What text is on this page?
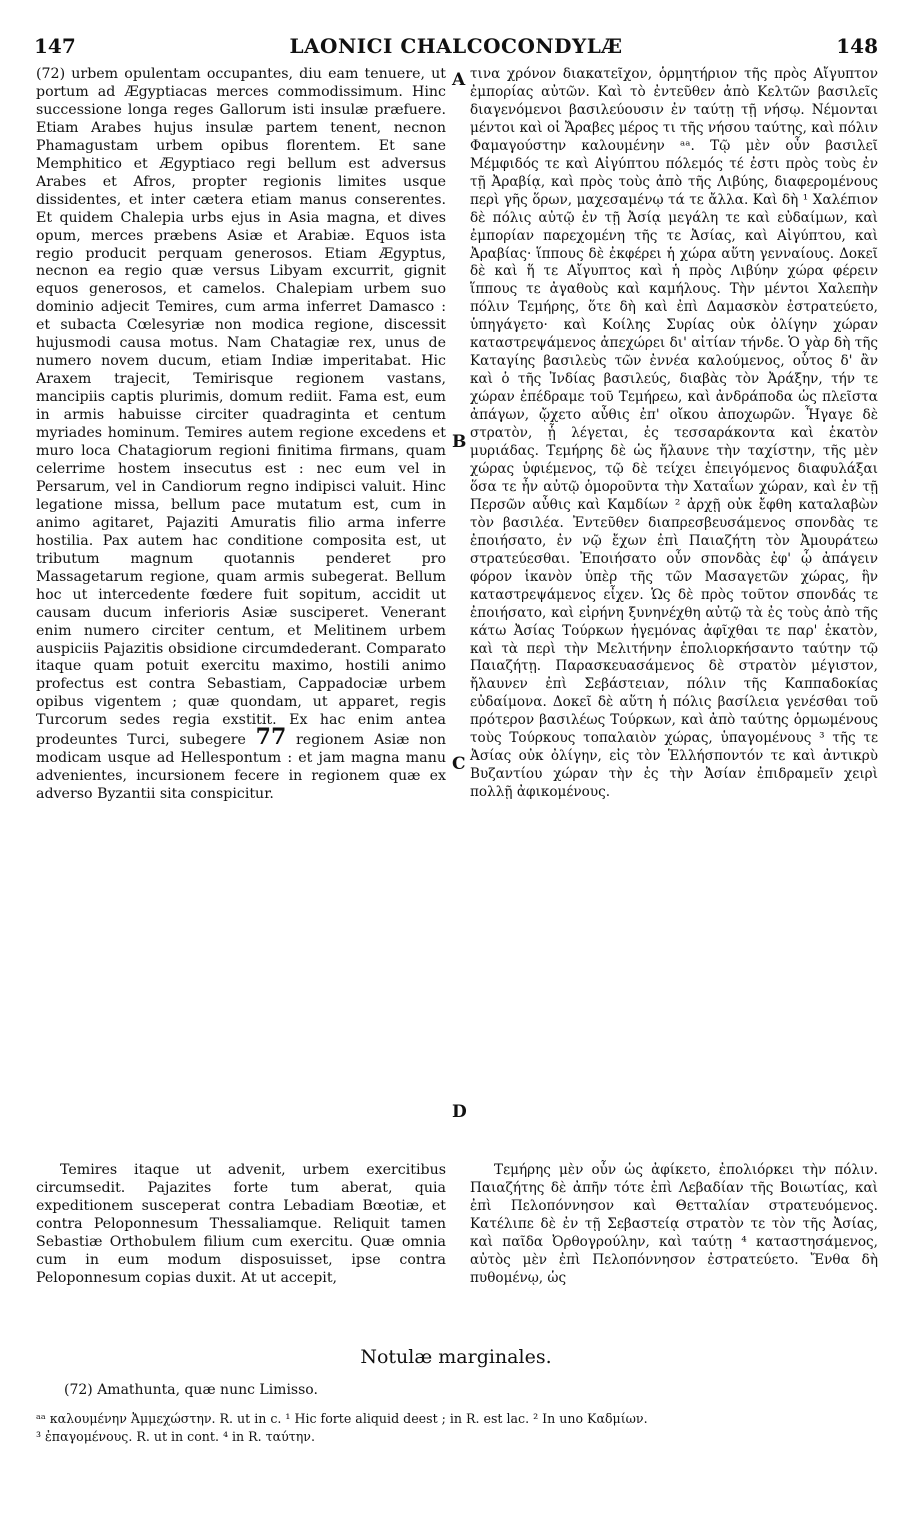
147	LAONICI CHALCOCONDYLÆ	148

(72) urbem opulentam occupantes, diu eam tenuere, ut portum ad Ægyptiacas merces commodissimum. Hinc successione longa reges Gallorum isti insulæ præfuere. Etiam Arabes hujus insulæ partem tenent, necnon Phamagustam urbem opibus florentem. Et sane Memphitico et Ægyptiaco regi bellum est adversus Arabes et Afros, propter regionis limites usque dissidentes, et inter cætera etiam manus conserentes. Et quidem Chalepia urbs ejus in Asia magna, et dives opum, merces præbens Asiæ et Arabiæ. Equos ista regio producit perquam generosos. Etiam Ægyptus, necnon ea regio quæ versus Libyam excurrit, gignit equos generosos, et camelos. Chalepiam urbem suo dominio adjecit Temires, cum arma inferret Damasco : et subacta Cœlesyriæ non modica regione, discessit hujusmodi causa motus. Nam Chatagiæ rex, unus de numero novem ducum, etiam Indiæ imperitabat. Hic Araxem trajecit, Temirisque regionem vastans, mancipiis captis plurimis, domum rediit. Fama est, eum in armis habuisse circiter quadraginta et centum myriades hominum. Temires autem regione excedens et muro loca Chatagiorum regioni finitima firmans, quam celerrime hostem insecutus est : nec eum vel in Persarum, vel in Candiorum regno indipisci valuit. Hinc legatione missa, bellum pace mutatum est, cum in animo agitaret, Pajaziti Amuratis filio arma inferre hostilia. Pax autem hac conditione composita est, ut tributum magnum quotannis penderet pro Massagetarum regione, quam armis subegerat. Bellum hoc ut intercedente fœdere fuit sopitum, accidit ut causam ducum inferioris Asiæ susciperet. Venerant enim numero circiter centum, et Melitinem urbem auspiciis Pajazitis obsidione circumdederant. Comparato itaque quam potuit exercitu maximo, hostili animo profectus est contra Sebastiam, Cappadociæ urbem opibus vigentem ; quæ quondam, ut apparet, regis Turcorum sedes regia exstitit. Ex hac enim antea prodeuntes Turci, subegere 77 regionem Asiæ non modicam usque ad Hellespontum : et jam magna manu advenientes, incursionem fecere in regionem quæ ex adverso Byzantii sita conspicitur.

τινα χρόνον διακατεῖχον, ὁρμητήριον τῆς πρὸς Αἴγυπτον ἐμπορίας αὐτῶν. Καὶ τὸ ἐντεῦθεν ἀπὸ Κελτῶν βασιλεῖς διαγενόμενοι βασιλεύουσιν ἐν ταύτῃ τῇ νήσῳ. Νέμονται μέντοι καὶ οἱ Ἄραβες μέρος τι τῆς νήσου ταύτης, καὶ πόλιν Φαμαγούστην καλουμένην ᵃᵃ. Τῷ μὲν οὖν βασιλεῖ Μέμφιδός τε καὶ Αἰγύπτου πόλεμός τέ ἐστι πρὸς τοὺς ἐν τῇ Ἀραβίᾳ, καὶ πρὸς τοὺς ἀπὸ τῆς Λιβύης, διαφερομένους περὶ γῆς ὅρων, μαχεσαμένῳ τά τε ἄλλα. Καὶ δὴ ¹ Χαλέπιον δὲ πόλις αὐτῷ ἐν τῇ Ἀσίᾳ μεγάλη τε καὶ εὐδαίμων, καὶ ἐμπορίαν παρεχομένη τῆς τε Ἀσίας, καὶ Αἰγύπτου, καὶ Ἀραβίας· ἵππους δὲ ἐκφέρει ἡ χώρα αὕτη γενναίους. Δοκεῖ δὲ καὶ ἥ τε Αἴγυπτος καὶ ἡ πρὸς Λιβύην χώρα φέρειν ἵππους τε ἀγαθοὺς καὶ καμήλους. Τὴν μέντοι Χαλεπὴν πόλιν Τεμήρης, ὅτε δὴ καὶ ἐπὶ Δαμασκὸν ἐστρατεύετο, ὑπηγάγετο· καὶ Κοίλης Συρίας οὐκ ὀλίγην χώραν καταστρεψάμενος ἀπεχώρει δι' αἰτίαν τήνδε. Ὁ γὰρ δὴ τῆς Καταγίης βασιλεὺς τῶν ἐννέα καλούμενος, οὗτος δ' ἂν καὶ ὁ τῆς Ἰνδίας βασιλεύς, διαβὰς τὸν Ἀράξην, τήν τε χώραν ἐπέδραμε τοῦ Τεμήρεω, καὶ ἀνδράποδα ὡς πλεῖστα ἀπάγων, ᾤχετο αὖθις ἐπ' οἴκου ἀποχωρῶν. Ἦγαγε δὲ στρατὸν, ᾗ λέγεται, ἐς τεσσαράκοντα καὶ ἑκατὸν μυριάδας. Τεμήρης δὲ ὡς ἤλαυνε τὴν ταχίστην, τῆς μὲν χώρας ὑφιέμενος, τῷ δὲ τείχει ἐπειγόμενος διαφυλάξαι ὅσα τε ἦν αὐτῷ ὁμοροῦντα τὴν Χαταΐων χώραν, καὶ ἐν τῇ Περσῶν αὖθις καὶ Καμδίων ² ἀρχῇ οὐκ ἔφθη καταλαβὼν τὸν βασιλέα. Ἐντεῦθεν διαπρεσβευσάμενος σπονδὰς τε ἐποιήσατο, ἐν νῷ ἔχων ἐπὶ Παιαζήτη τὸν Ἀμουράτεω στρατεύεσθαι. Ἐποιήσατο οὖν σπονδὰς ἐφ' ᾧ ἀπάγειν φόρον ἱκανὸν ὑπὲρ τῆς τῶν Μασαγετῶν χώρας, ἣν καταστρεψάμενος εἶχεν. Ὡς δὲ πρὸς τοῦτον σπονδάς τε ἐποιήσατο, καὶ εἰρήνη ξυνηνέχθη αὐτῷ τὰ ἐς τοὺς ἀπὸ τῆς κάτω Ἀσίας Τούρκων ἡγεμόνας ἀφῖχθαι τε παρ' ἑκατὸν, καὶ τὰ περὶ τὴν Μελιτήνην ἐπολιορκήσαντο ταύτην τῷ Παιαζήτῃ. Παρασκευασάμενος δὲ στρατὸν μέγιστον, ἤλαυνεν ἐπὶ Σεβάστειαν, πόλιν τῆς Καππαδοκίας εὐδαίμονα. Δοκεῖ δὲ αὕτη ἡ πόλις βασίλεια γενέσθαι τοῦ πρότερον βασιλέως Τούρκων, καὶ ἀπὸ ταύτης ὁρμωμένους τοὺς Τούρκους τοπαλαιὸν χώρας, ὑπαγομένους ³ τῆς τε Ἀσίας οὐκ ὀλίγην, εἰς τὸν Ἑλλήσποντόν τε καὶ ἀντικρὺ Βυζαντίου χώραν τὴν ἐς τὴν Ἀσίαν ἐπιδραμεῖν χειρὶ πολλῇ ἀφικομένους.

Temires itaque ut advenit, urbem exercitibus circumsedit. Pajazites forte tum aberat, quia expeditionem susceperat contra Lebadiam Bœotiæ, et contra Peloponnesum Thessaliamque. Reliquit tamen Sebastiæ Orthobulem filium cum exercitu. Quæ omnia cum in eum modum disposuisset, ipse contra Peloponnesum copias duxit. At ut accepit,

Τεμήρης μὲν οὖν ὡς ἀφίκετο, ἐπολιόρκει τὴν πόλιν. Παιαζήτης δὲ ἀπῆν τότε ἐπὶ Λεβαδίαν τῆς Βοιωτίας, καὶ ἐπὶ Πελοπόννησον καὶ Θετταλίαν στρατευόμενος. Κατέλιπε δὲ ἐν τῇ Σεβαστείᾳ στρατὸν τε τὸν τῆς Ἀσίας, καὶ παῖδα Ὀρθογρούλην, καὶ ταύτῃ ⁴ καταστησάμενος, αὐτὸς μὲν ἐπὶ Πελοπόννησον ἐστρατεύετο. Ἔνθα δὴ πυθομένῳ, ὡς

A
B
C
D
Notulæ marginales.
(72) Amathunta, quæ nunc Limisso.
ᵃᵃ καλουμένην Ἀμμεχώστην. R. ut in c. ¹ Hic forte aliquid deest ; in R. est lac. ² In uno Καδμίων.
³ ἐπαγομένους. R. ut in cont. ⁴ in R. ταύτην.
